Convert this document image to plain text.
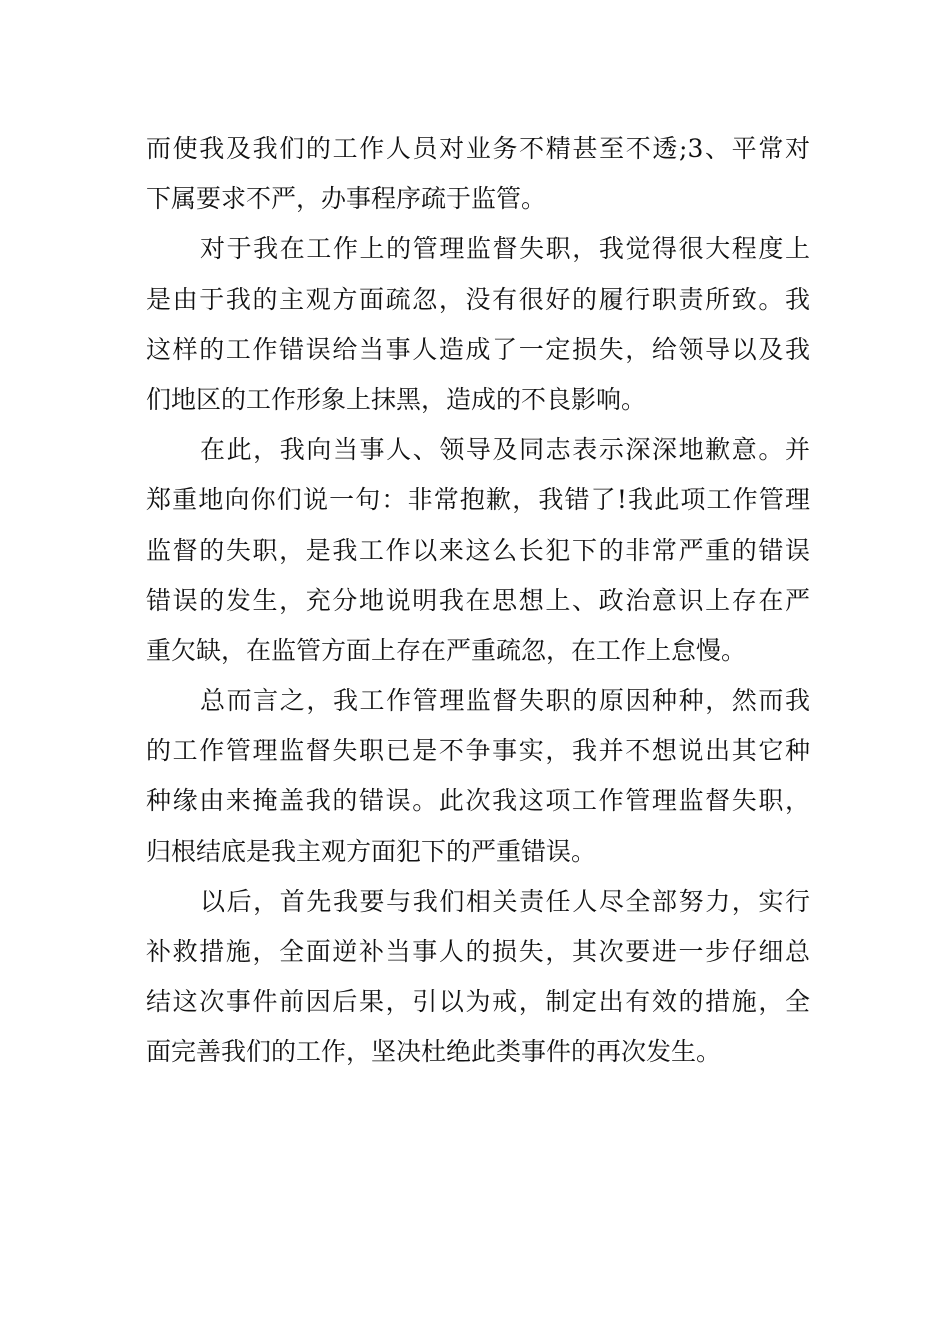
而使我及我们的工作人员对业务不精甚至不透;3、平常对
下属要求不严，办事程序疏于监管。
对于我在工作上的管理监督失职，我觉得很大程度上
是由于我的主观方面疏忽，没有很好的履行职责所致。我
这样的工作错误给当事人造成了一定损失，给领导以及我
们地区的工作形象上抹黑，造成的不良影响。
在此，我向当事人、领导及同志表示深深地歉意。并
郑重地向你们说一句：非常抱歉，我错了!我此项工作管理
监督的失职，是我工作以来这么长犯下的非常严重的错误
错误的发生，充分地说明我在思想上、政治意识上存在严
重欠缺，在监管方面上存在严重疏忽，在工作上怠慢。
总而言之，我工作管理监督失职的原因种种，然而我
的工作管理监督失职已是不争事实，我并不想说出其它种
种缘由来掩盖我的错误。此次我这项工作管理监督失职，
归根结底是我主观方面犯下的严重错误。
以后，首先我要与我们相关责任人尽全部努力，实行
补救措施，全面逆补当事人的损失，其次要进一步仔细总
结这次事件前因后果，引以为戒，制定出有效的措施，全
面完善我们的工作，坚决杜绝此类事件的再次发生。
